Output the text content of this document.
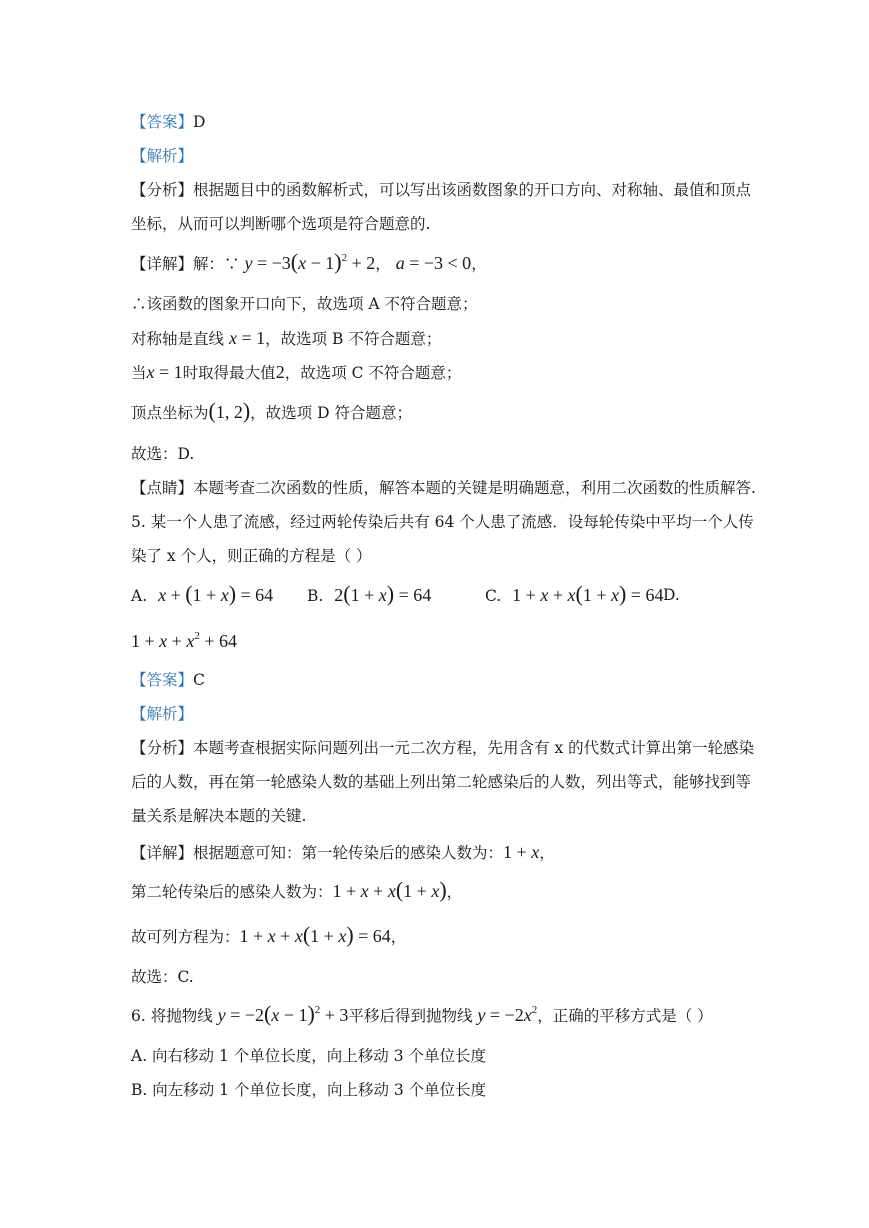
【答案】D
【解析】
【分析】根据题目中的函数解析式，可以写出该函数图象的开口方向、对称轴、最值和顶点
坐标，从而可以判断哪个选项是符合题意的.
【详解】解：∵ $y = -3(x - 1)^2 + 2$， a = −3 < 0，
∴该函数的图象开口向下，故选项 A 不符合题意；
对称轴是直线 x = 1，故选项 B 不符合题意；
当x = 1时取得最大值2，故选项 C 不符合题意；
顶点坐标为(1, 2)，故选项 D 符合题意；
故选：D.
【点睛】本题考查二次函数的性质，解答本题的关键是明确题意，利用二次函数的性质解答.
5. 某一个人患了流感，经过两轮传染后共有 64 个人患了流感．设每轮传染中平均一个人传
染了 x 个人，则正确的方程是（ ）
A. x + (1 + x) = 64 B. 2(1 + x) = 64	C. 1 + x + x(1 + x) = 64 D.
$1 + x + x^2 + 64$
【答案】C
【解析】
【分析】本题考查根据实际问题列出一元二次方程，先用含有 x 的代数式计算出第一轮感染
后的人数，再在第一轮感染人数的基础上列出第二轮感染后的人数，列出等式，能够找到等
量关系是解决本题的关键.
【详解】根据题意可知：第一轮传染后的感染人数为：1 + x，
第二轮传染后的感染人数为：1 + x + x(1 + x)，
故可列方程为：1 + x + x(1 + x) = 64，
故选：C.
6. 将抛物线 $y = -2(x - 1)^2 + 3$平移后得到抛物线 $y = -2x^2$，正确的平移方式是（ ）
A. 向右移动 1 个单位长度，向上移动 3 个单位长度
B. 向左移动 1 个单位长度，向上移动 3 个单位长度
